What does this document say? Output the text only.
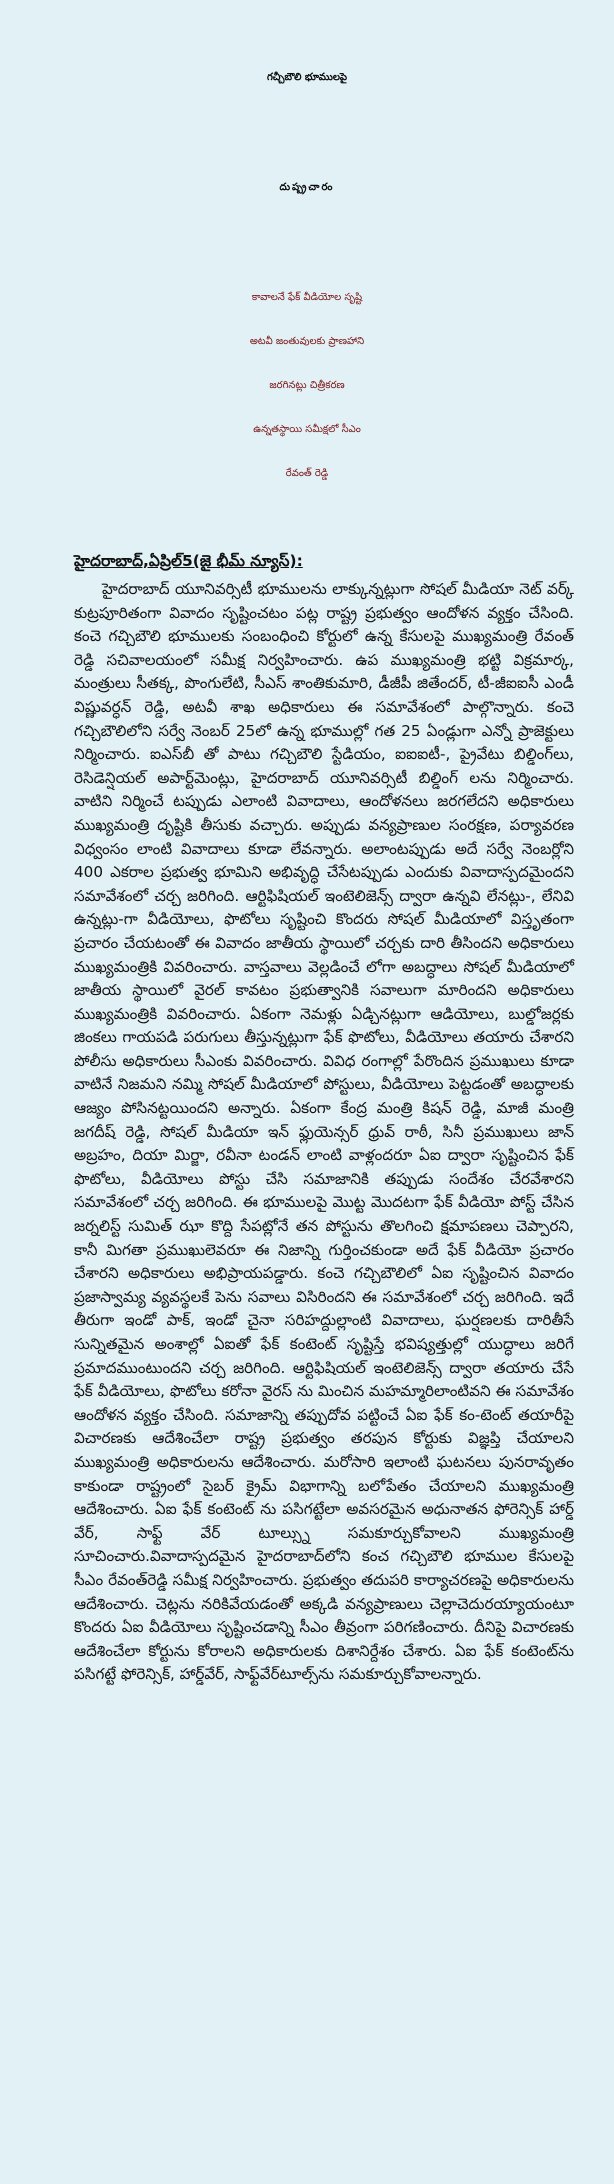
గచ్చీబౌలి భూములపై
దుష్ప్రచారం

కావాలనే ఫేక్ వీడియోల సృష్టి

అటవీ జంతువులకు ప్రాణహాని

జరగినట్లు చిత్రీకరణ

ఉన్నతస్థాయి సమీక్షలో సీఎం

రేవంత్ రెడ్డి

హైదరాబాద్,ఏప్రిల్5(జై భీమ్ న్యూస్):

హైదరాబాద్ యూనివర్సిటీ భూములను లాక్కున్నట్లుగా సోషల్ మీడియా నెట్ వర్క్ కుట్రపూరితంగా వివాదం సృష్టించటం పట్ల రాష్ట్ర ప్రభుత్వం ఆందోళన వ్యక్తం చేసింది. కంచె గచ్చిబౌలి భూములకు సంబంధించి కోర్టులో ఉన్న కేసులపై ముఖ్యమంత్రి రేవంత్ రెడ్డి సచివాలయంలో సమీక్ష నిర్వహించారు. ఉప ముఖ్యమంత్రి భట్టి విక్రమార్క, మంత్రులు సీతక్క, పొంగులేటి, సీఎస్ శాంతికుమారి, డీజీపీ జితేందర్, టీ-జీఐఐసీ ఎండీ విష్ణువర్ధన్ రెడ్డి, అటవీ శాఖ అధికారులు ఈ సమావేశంలో పాల్గొన్నారు. కంచె గచ్చిబౌలిలోని సర్వే నెంబర్ 25లో ఉన్న భూముల్లో గత 25 ఏండ్లుగా ఎన్నో ప్రాజెక్టులు నిర్మించారు. ఐఎస్‌బీ తో పాటు గచ్చిబౌలి స్టేడియం, ఐఐఐటీ-, ప్రైవేటు బిల్డింగ్‌లు, రెసిడెన్షియల్ అపార్ట్‌మెంట్లు, హైదరాబాద్ యూనివర్సిటీ బిల్డింగ్ లను నిర్మించారు. వాటిని నిర్మించే టప్పుడు ఎలాంటి వివాదాలు, ఆందోళనలు జరగలేదని అధికారులు ముఖ్యమంత్రి దృష్టికి తీసుకు వచ్చారు. అప్పుడు వన్యప్రాణుల సంరక్షణ, పర్యావరణ విధ్వంసం లాంటి వివాదాలు కూడా లేవన్నారు. అలాంటప్పుడు అదే సర్వే నెంబర్లోని 400 ఎకరాల ప్రభుత్వ భూమిని అభివృద్ధి చేసేటప్పుడు ఎందుకు వివాదాస్పదమైందని సమావేశంలో చర్చ జరిగింది. ఆర్టిఫిషియల్ ఇంటెలిజెన్స్ ద్వారా ఉన్నవి లేనట్లు-, లేనివి ఉన్నట్లు-గా వీడియోలు, ఫొటోలు సృష్టించి కొందరు సోషల్ మీడియాలో విస్తృతంగా ప్రచారం చేయటంతో ఈ వివాదం జాతీయ స్థాయిలో చర్చకు దారి తీసిందని అధికారులు ముఖ్యమంత్రికి వివరించారు. వాస్తవాలు వెల్లడించే లోగా అబద్ధాలు సోషల్ మీడియాలో జాతీయ స్థాయిలో వైరల్ కావటం ప్రభుత్వానికి సవాలుగా మారిందని అధికారులు ముఖ్యమంత్రికి వివరించారు. ఏకంగా నెమళ్లు ఏడ్చినట్లుగా ఆడియోలు, బుల్డోజర్లకు జింకలు గాయపడి పరుగులు తీస్తున్నట్లుగా ఫేక్ ఫొటోలు, వీడియోలు తయారు చేశారని పోలీసు అధికారులు సీఎంకు వివరించారు. వివిధ రంగాల్లో పేరొందిన ప్రముఖులు కూడా వాటినే నిజమని నమ్మి సోషల్ మీడియాలో పోస్టులు, వీడియోలు పెట్టడంతో అబద్ధాలకు ఆజ్యం పోసినట్టయిందని అన్నారు. ఏకంగా కేంద్ర మంత్రి కిషన్ రెడ్డి, మాజీ మంత్రి జగదీష్ రెడ్డి, సోషల్ మీడియా ఇన్ ఫ్లుయెన్సర్ ధ్రువ్ రాఠీ, సినీ ప్రముఖులు జాన్ అబ్రహం, దియా మిర్జా, రవీనా టండన్ లాంటి వాళ్లందరూ ఏఐ ద్వారా సృష్టించిన ఫేక్ ఫొటోలు, వీడియోలు పోస్టు చేసి సమాజానికి తప్పుడు సందేశం చేరవేశారని సమావేశంలో చర్చ జరిగింది. ఈ భూములపై మొట్ట మొదటగా ఫేక్ వీడియో పోస్ట్ చేసిన జర్నలిస్ట్ సుమిత్ ఝా కొద్ది సేపట్లోనే తన పోస్టును తొలగించి క్షమాపణలు చెప్పారని, కానీ మిగతా ప్రముఖులెవరూ ఈ నిజాన్ని గుర్తించకుండా అదే ఫేక్ వీడియో ప్రచారం చేశారని అధికారులు అభిప్రాయపడ్డారు. కంచె గచ్చిబౌలిలో ఏఐ సృష్టించిన వివాదం ప్రజాస్వామ్య వ్యవస్థలకే పెను సవాలు విసిరిందని ఈ సమావేశంలో చర్చ జరిగింది. ఇదే తీరుగా ఇండో పాక్, ఇండో చైనా సరిహద్దుల్లాంటి వివాదాలు, ఘర్షణలకు దారితీసే సున్నితమైన అంశాల్లో ఏఐతో ఫేక్ కంటెంట్ సృష్టిస్తే భవిష్యత్తుల్లో యుద్ధాలు జరిగే ప్రమాదముంటుందని చర్చ జరిగింది. ఆర్టిఫిషియల్ ఇంటెలిజెన్స్ ద్వారా తయారు చేసే ఫేక్ వీడియోలు, ఫొటోలు కరోనా వైరస్ ను మించిన మహమ్మారిలాంటివని ఈ సమావేశం ఆందోళన వ్యక్తం చేసింది. సమాజాన్ని తప్పుదోవ పట్టించే ఏఐ ఫేక్ కం-టెంట్ తయారీపై విచారణకు ఆదేశించేలా రాష్ట్ర ప్రభుత్వం తరపున కోర్టుకు విజ్ఞప్తి చేయాలని ముఖ్యమంత్రి అధికారులను ఆదేశించారు. మరోసారి ఇలాంటి ఘటనలు పునరావృతం కాకుండా రాష్ట్రంలో సైబర్ క్రైమ్ విభాగాన్ని బలోపేతం చేయాలని ముఖ్యమంత్రి ఆదేశించారు. ఏఐ ఫేక్ కంటెంట్ ను పసిగట్టేలా అవసరమైన అధునాతన ఫోరెన్సిక్ హార్డ్ వేర్, సాఫ్ట్ వేర్ టూల్స్ను సమకూర్చుకోవాలని ముఖ్యమంత్రి సూచించారు.వివాదాస్పదమైన హైదరాబాద్‌లోని కంచ గచ్చిబౌలి భూముల కేసులపై సీఎం రేవంత్‌రెడ్డి సమీక్ష నిర్వహించారు. ప్రభుత్వం తదుపరి కార్యాచరణపై అధికారులను ఆదేశించారు. చెట్లను నరికివేయడంతో అక్కడి వన్యప్రాణులు చెల్లాచెదురయ్యాయంటూ కొందరు ఏఐ వీడియోలు సృష్టించడాన్ని సీఎం తీవ్రంగా పరిగణించారు. దీనిపై విచారణకు ఆదేశించేలా కోర్టును కోరాలని అధికారులకు దిశానిర్దేశం చేశారు. ఏఐ ఫేక్ కంటెంట్‌ను పసిగట్టే ఫోరెన్సిక్, హార్డ్‌వేర్, సాఫ్ట్‌వేర్‌టూల్స్‌ను సమకూర్చుకోవాలన్నారు.
